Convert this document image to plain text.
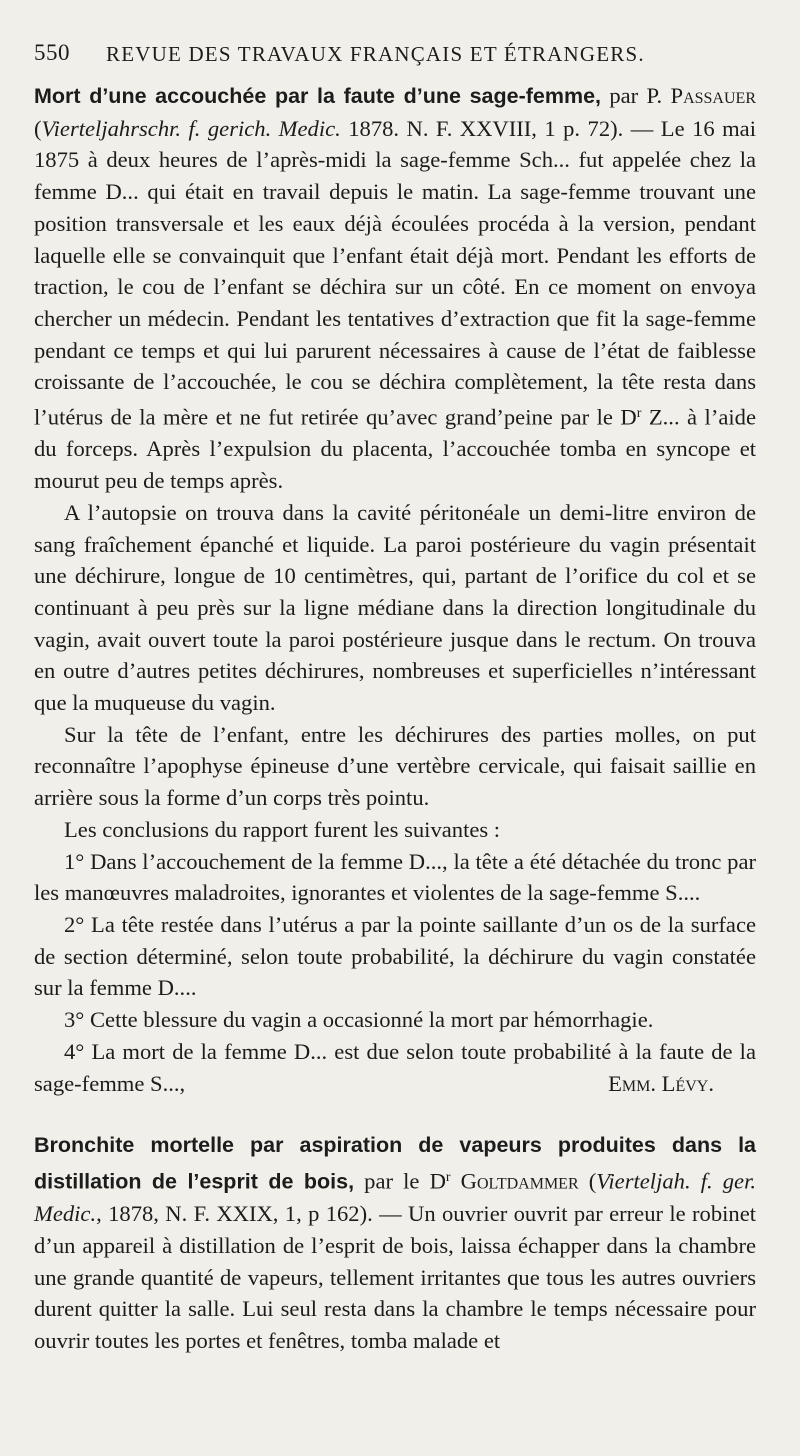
550 REVUE DES TRAVAUX FRANÇAIS ET ÉTRANGERS.

Mort d’une accouchée par la faute d’une sage-femme, par P. Passauer (Vierteljahrschr. f. gerich. Medic. 1878. N. F. XXVIII, 1 p. 72). — Le 16 mai 1875 à deux heures de l’après-midi la sage-femme Sch... fut appelée chez la femme D... qui était en travail depuis le matin. La sage-femme trouvant une position transversale et les eaux déjà écoulées procéda à la version, pendant laquelle elle se convainquit que l’enfant était déjà mort. Pendant les efforts de traction, le cou de l’enfant se déchira sur un côté. En ce moment on envoya chercher un médecin. Pendant les tentatives d’extraction que fit la sage-femme pendant ce temps et qui lui parurent nécessaires à cause de l’état de faiblesse croissante de l’accouchée, le cou se déchira complètement, la tête resta dans l’utérus de la mère et ne fut retirée qu’avec grand’peine par le $D^r$ Z... à l’aide du forceps. Après l’expulsion du placenta, l’accouchée tomba en syncope et mourut peu de temps après.

A l’autopsie on trouva dans la cavité péritonéale un demi-litre environ de sang fraîchement épanché et liquide. La paroi postérieure du vagin présentait une déchirure, longue de 10 centimètres, qui, partant de l’orifice du col et se continuant à peu près sur la ligne médiane dans la direction longitudinale du vagin, avait ouvert toute la paroi postérieure jusque dans le rectum. On trouva en outre d’autres petites déchirures, nombreuses et superficielles n’intéressant que la muqueuse du vagin.

Sur la tête de l’enfant, entre les déchirures des parties molles, on put reconnaître l’apophyse épineuse d’une vertèbre cervicale, qui faisait saillie en arrière sous la forme d’un corps très pointu.

Les conclusions du rapport furent les suivantes :

1° Dans l’accouchement de la femme D..., la tête a été détachée du tronc par les manœuvres maladroites, ignorantes et violentes de la sage-femme S....

2° La tête restée dans l’utérus a par la pointe saillante d’un os de la surface de section déterminé, selon toute probabilité, la déchirure du vagin constatée sur la femme D....

3° Cette blessure du vagin a occasionné la mort par hémorrhagie.

4° La mort de la femme D... est due selon toute probabilité à la faute de la sage-femme S...,	Emm. Lévy.

Bronchite mortelle par aspiration de vapeurs produites dans la distillation de l’esprit de bois, par le $D^r$ Goltdammer (Vierteljah. f. ger. Medic., 1878, N. F. XXIX, 1, p 162). — Un ouvrier ouvrit par erreur le robinet d’un appareil à distillation de l’esprit de bois, laissa échapper dans la chambre une grande quantité de vapeurs, tellement irritantes que tous les autres ouvriers durent quitter la salle. Lui seul resta dans la chambre le temps nécessaire pour ouvrir toutes les portes et fenêtres, tomba malade et
